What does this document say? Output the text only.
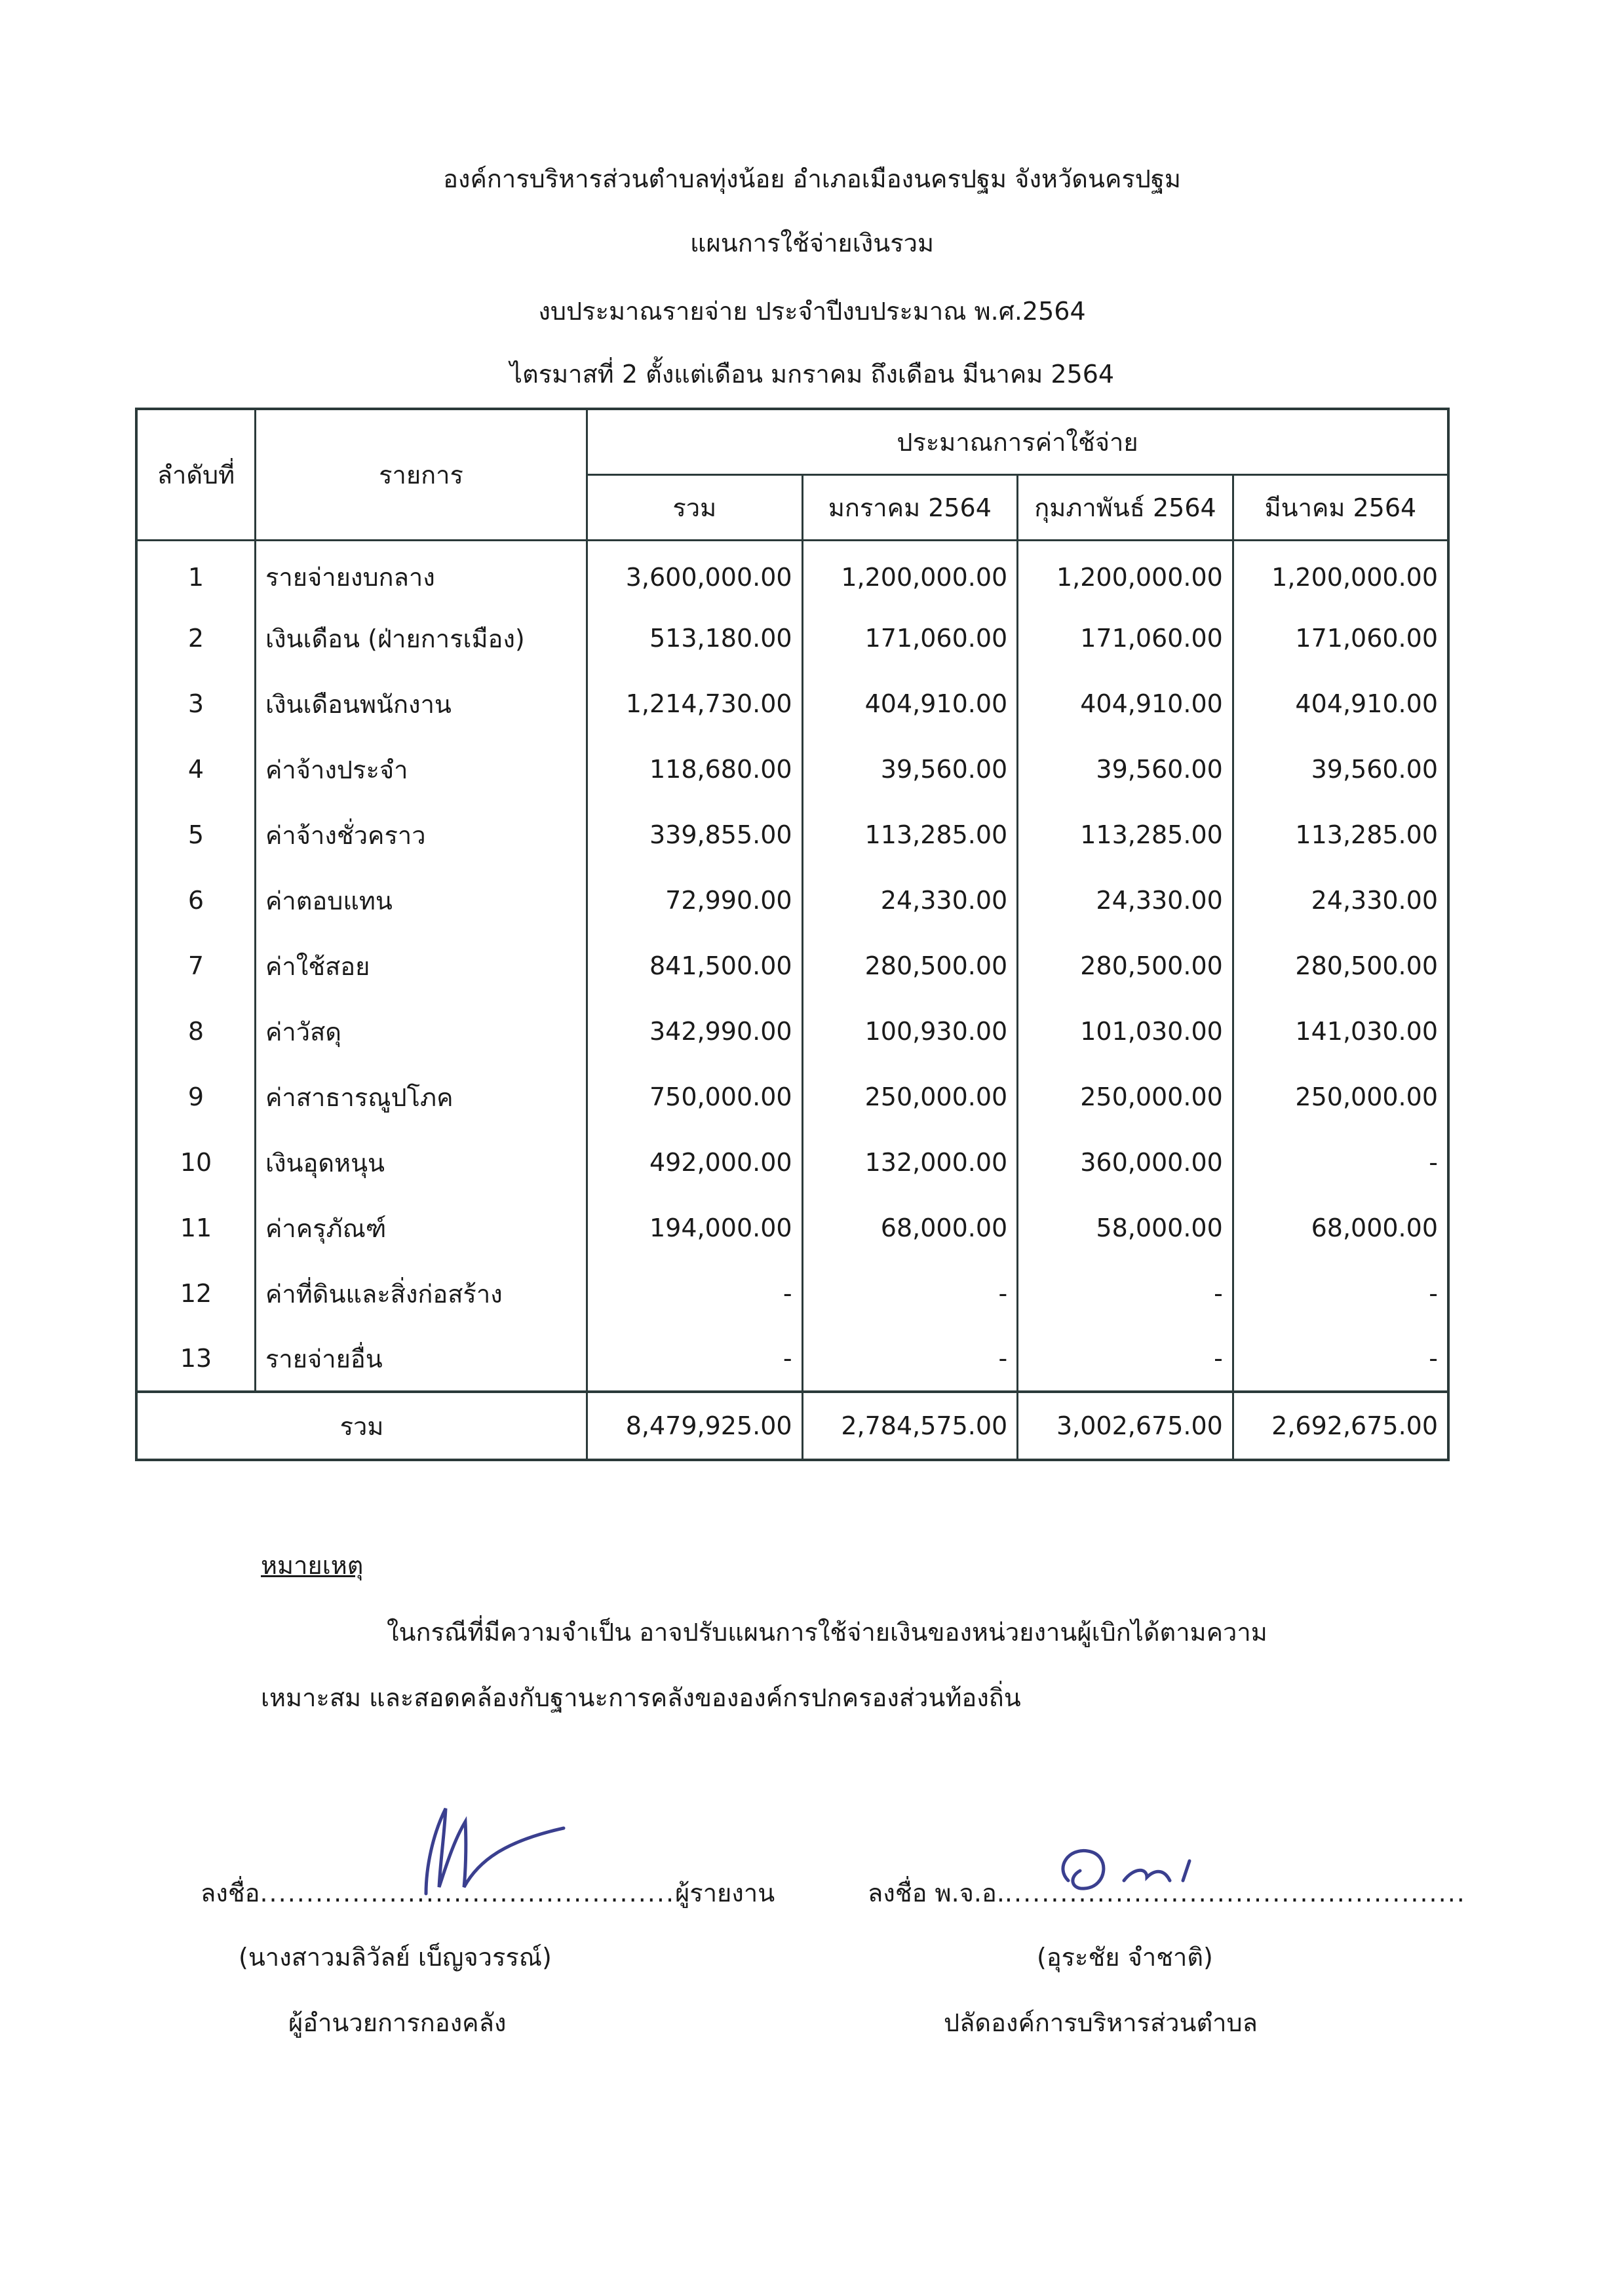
องค์การบริหารส่วนตำบลทุ่งน้อย อำเภอเมืองนครปฐม จังหวัดนครปฐม
แผนการใช้จ่ายเงินรวม
งบประมาณรายจ่าย ประจำปีงบประมาณ พ.ศ.2564
ไตรมาสที่ 2 ตั้งแต่เดือน มกราคม ถึงเดือน มีนาคม 2564
ลำดับที่	รายการ	ประมาณการค่าใช้จ่าย			
		รวม	มกราคม 2564	กุมภาพันธ์ 2564	มีนาคม 2564
1	รายจ่ายงบกลาง	3,600,000.00	1,200,000.00	1,200,000.00	1,200,000.00
2	เงินเดือน (ฝ่ายการเมือง)	513,180.00	171,060.00	171,060.00	171,060.00
3	เงินเดือนพนักงาน	1,214,730.00	404,910.00	404,910.00	404,910.00
4	ค่าจ้างประจำ	118,680.00	39,560.00	39,560.00	39,560.00
5	ค่าจ้างชั่วคราว	339,855.00	113,285.00	113,285.00	113,285.00
6	ค่าตอบแทน	72,990.00	24,330.00	24,330.00	24,330.00
7	ค่าใช้สอย	841,500.00	280,500.00	280,500.00	280,500.00
8	ค่าวัสดุ	342,990.00	100,930.00	101,030.00	141,030.00
9	ค่าสาธารณูปโภค	750,000.00	250,000.00	250,000.00	250,000.00
10	เงินอุดหนุน	492,000.00	132,000.00	360,000.00	-
11	ค่าครุภัณฑ์	194,000.00	68,000.00	58,000.00	68,000.00
12	ค่าที่ดินและสิ่งก่อสร้าง	-	-	-	-
13	รายจ่ายอื่น	-	-	-	-
รวม		8,479,925.00	2,784,575.00	3,002,675.00	2,692,675.00
หมายเหตุ
ในกรณีที่มีความจำเป็น อาจปรับแผนการใช้จ่ายเงินของหน่วยงานผู้เบิกได้ตามความ
เหมาะสม และสอดคล้องกับฐานะการคลังขององค์กรปกครองส่วนท้องถิ่น
ลงชื่อ.............................................ผู้รายงาน
(นางสาวมลิวัลย์ เบ็ญจวรรณ์)
ผู้อำนวยการกองคลัง
ลงชื่อ พ.จ.อ...................................................
(อุระชัย จำชาติ)
ปลัดองค์การบริหารส่วนตำบล
